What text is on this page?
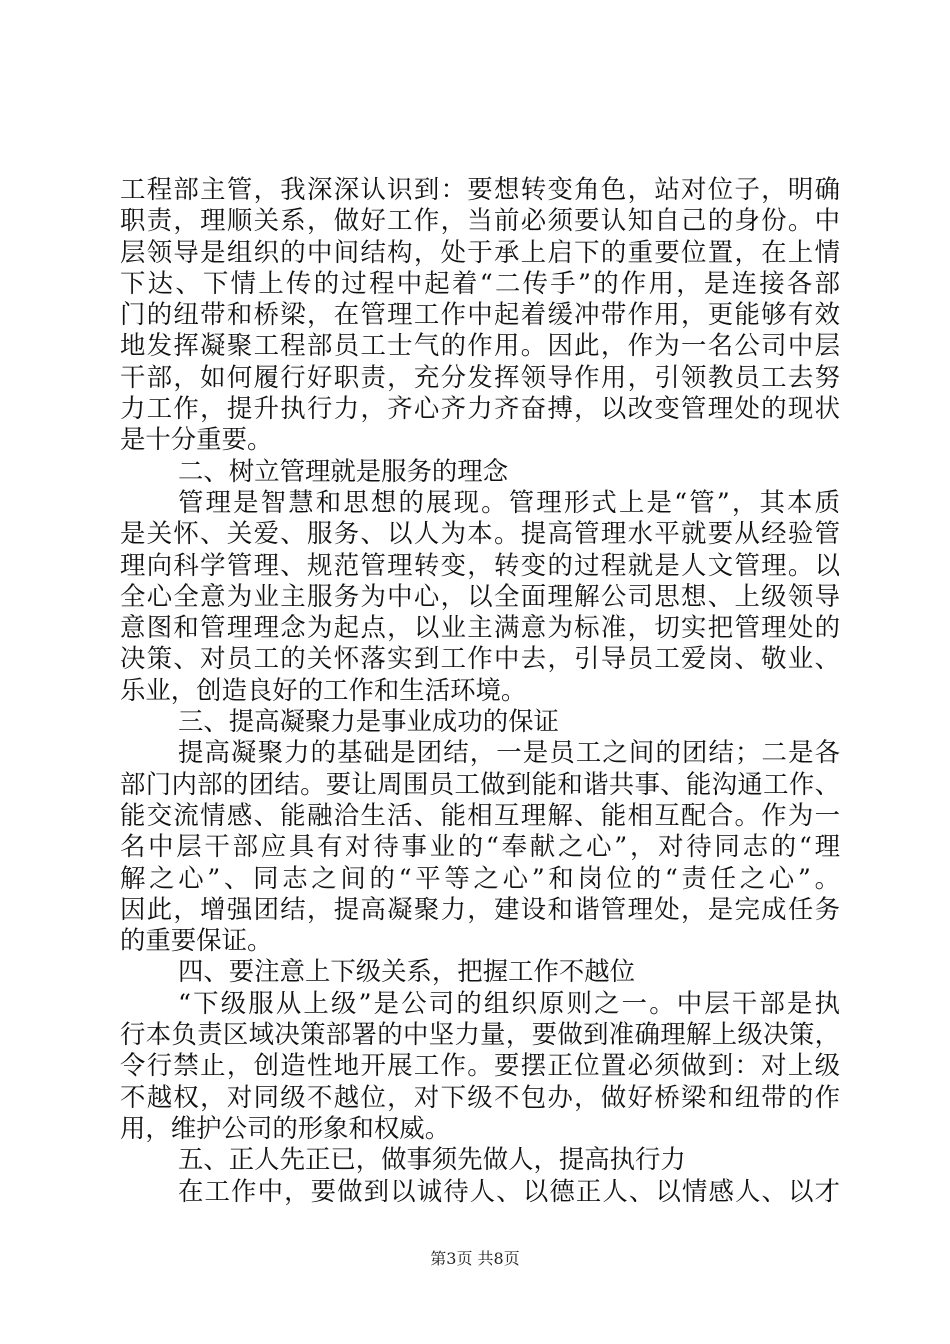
工程部主管，我深深认识到：要想转变角色，站对位子，明确

职责，理顺关系，做好工作，当前必须要认知自己的身份。中

层领导是组织的中间结构，处于承上启下的重要位置，在上情

下达、下情上传的过程中起着“二传手”的作用，是连接各部

门的纽带和桥梁，在管理工作中起着缓冲带作用，更能够有效

地发挥凝聚工程部员工士气的作用。因此，作为一名公司中层

干部，如何履行好职责，充分发挥领导作用，引领教员工去努

力工作，提升执行力，齐心齐力齐奋搏，以改变管理处的现状

是十分重要。

二、树立管理就是服务的理念

管理是智慧和思想的展现。管理形式上是“管”，其本质

是关怀、关爱、服务、以人为本。提高管理水平就要从经验管

理向科学管理、规范管理转变，转变的过程就是人文管理。以

全心全意为业主服务为中心，以全面理解公司思想、上级领导

意图和管理理念为起点，以业主满意为标准，切实把管理处的

决策、对员工的关怀落实到工作中去，引导员工爱岗、敬业、

乐业，创造良好的工作和生活环境。

三、提高凝聚力是事业成功的保证

提高凝聚力的基础是团结，一是员工之间的团结；二是各

部门内部的团结。要让周围员工做到能和谐共事、能沟通工作、

能交流情感、能融洽生活、能相互理解、能相互配合。作为一

名中层干部应具有对待事业的“奉献之心”，对待同志的“理

解之心”、同志之间的“平等之心”和岗位的“责任之心”。

因此，增强团结，提高凝聚力，建设和谐管理处，是完成任务

的重要保证。

四、要注意上下级关系，把握工作不越位

“下级服从上级”是公司的组织原则之一。中层干部是执

行本负责区域决策部署的中坚力量，要做到准确理解上级决策，

令行禁止，创造性地开展工作。要摆正位置必须做到：对上级

不越权，对同级不越位，对下级不包办，做好桥梁和纽带的作

用，维护公司的形象和权威。

五、正人先正已，做事须先做人，提高执行力

在工作中，要做到以诚待人、以德正人、以情感人、以才

第3页 共8页
